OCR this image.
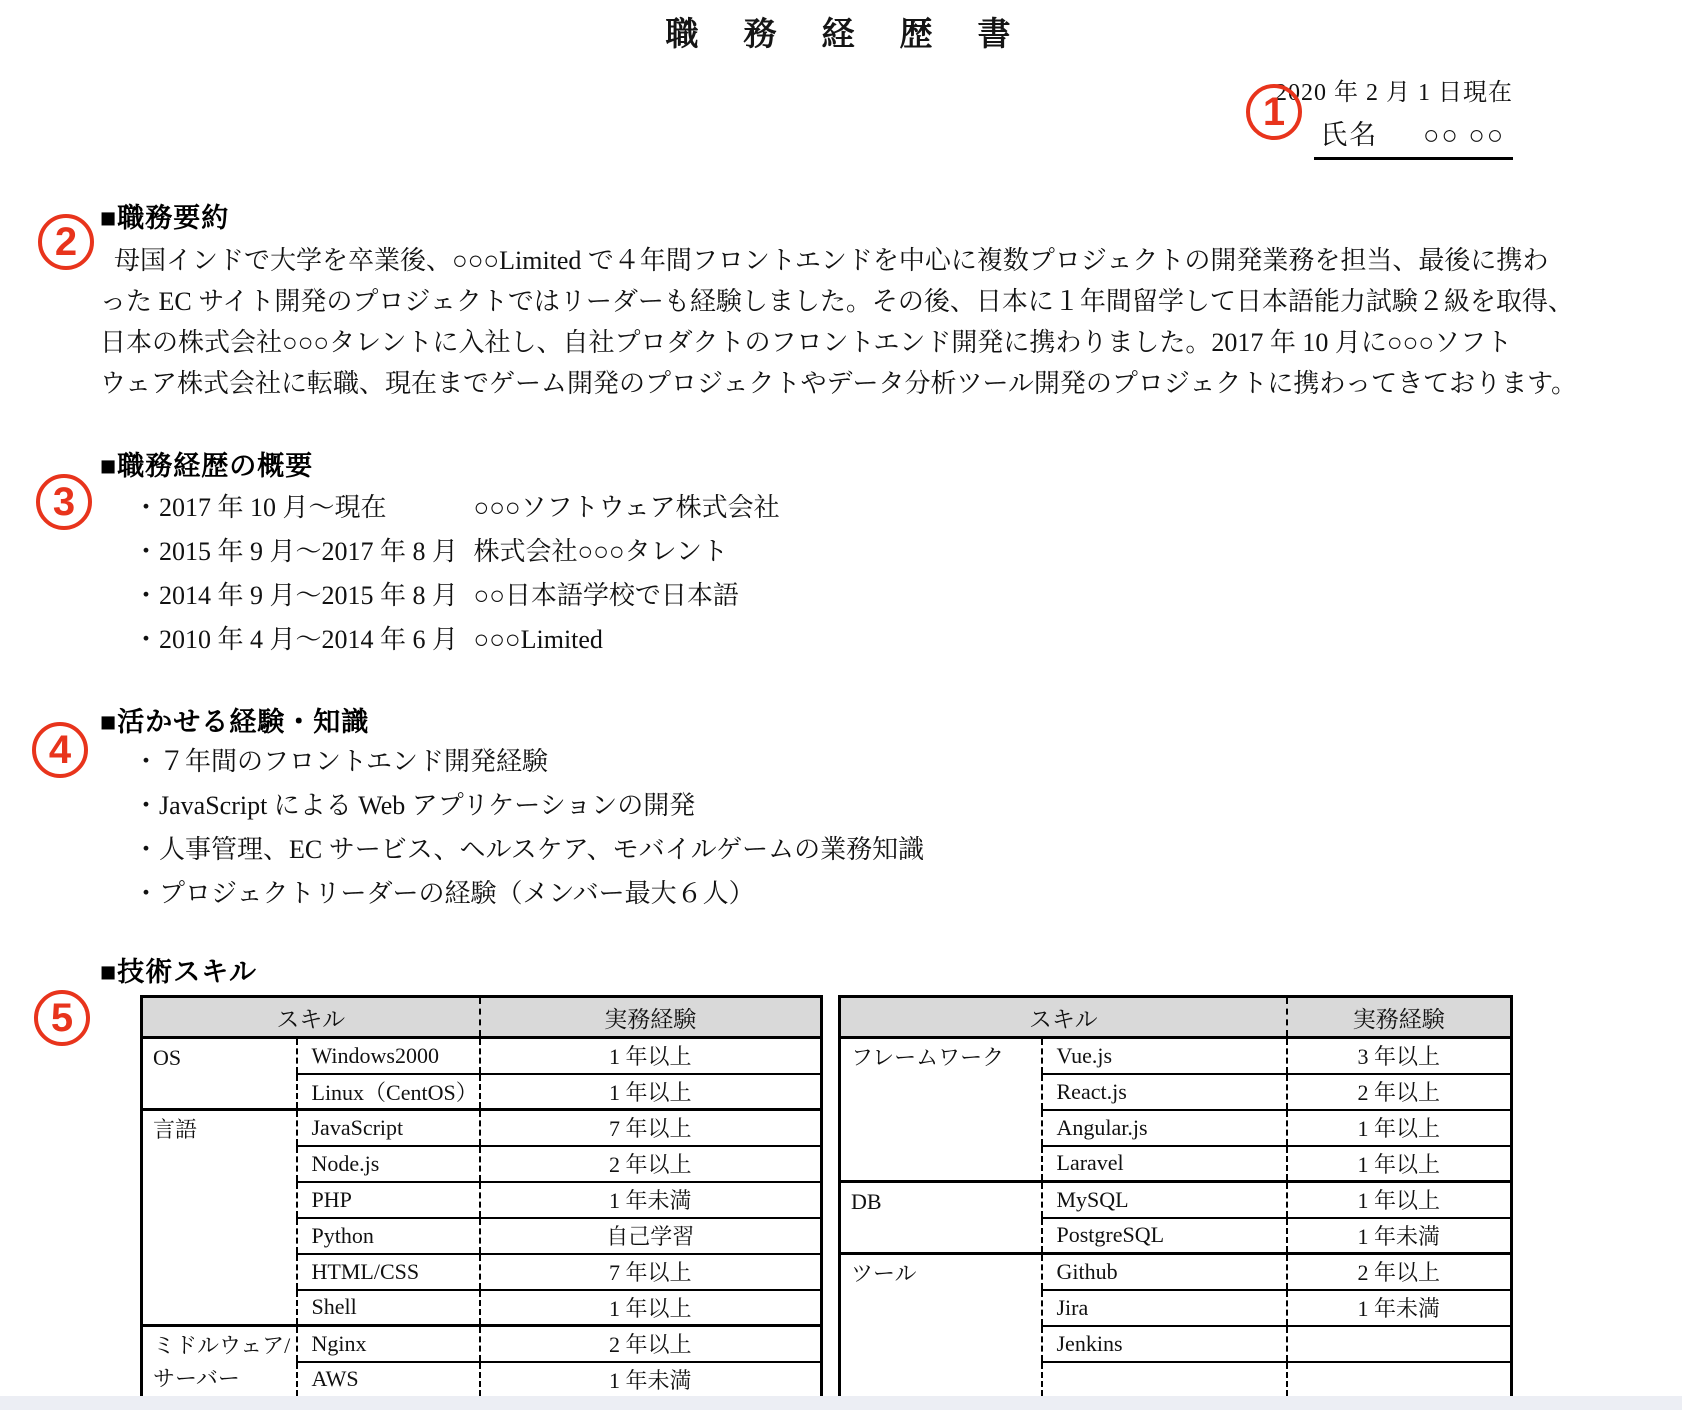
職　務　経　歴　書
2020 年 2 月 1 日現在
氏名 ○○ ○○
1
2
3
4
5
■職務要約
母国インドで大学を卒業後、○○○Limited で４年間フロントエンドを中心に複数プロジェクトの開発業務を担当、最後に携わ
った EC サイト開発のプロジェクトではリーダーも経験しました。その後、日本に１年間留学して日本語能力試験２級を取得、
日本の株式会社○○○タレントに入社し、自社プロダクトのフロントエンド開発に携わりました。2017 年 10 月に○○○ソフト
ウェア株式会社に転職、現在までゲーム開発のプロジェクトやデータ分析ツール開発のプロジェクトに携わってきております。
■職務経歴の概要
・2017 年 10 月～現在	○○○ソフトウェア株式会社
・2015 年 9 月～2017 年 8 月 株式会社○○○タレント
・2014 年 9 月～2015 年 8 月 ○○日本語学校で日本語
・2010 年 4 月～2014 年 6 月 ○○○Limited
■活かせる経験・知識
・７年間のフロントエンド開発経験
・JavaScript による Web アプリケーションの開発
・人事管理、EC サービス、ヘルスケア、モバイルゲームの業務知識
・プロジェクトリーダーの経験（メンバー最大６人）
■技術スキル
スキル		実務経験
OS	Windows2000	1 年以上
	Linux（CentOS）	1 年以上
言語	JavaScript	7 年以上
	Node.js	2 年以上
	PHP	1 年未満
	Python	自己学習
	HTML/CSS	7 年以上
	Shell	1 年以上
ミドルウェア/サーバー	Nginx	2 年以上
	AWS	1 年未満
スキル		実務経験
フレームワーク	Vue.js	3 年以上
	React.js	2 年以上
	Angular.js	1 年以上
	Laravel	1 年以上
DB	MySQL	1 年以上
	PostgreSQL	1 年未満
ツール	Github	2 年以上
	Jira	1 年未満
	Jenkins	
